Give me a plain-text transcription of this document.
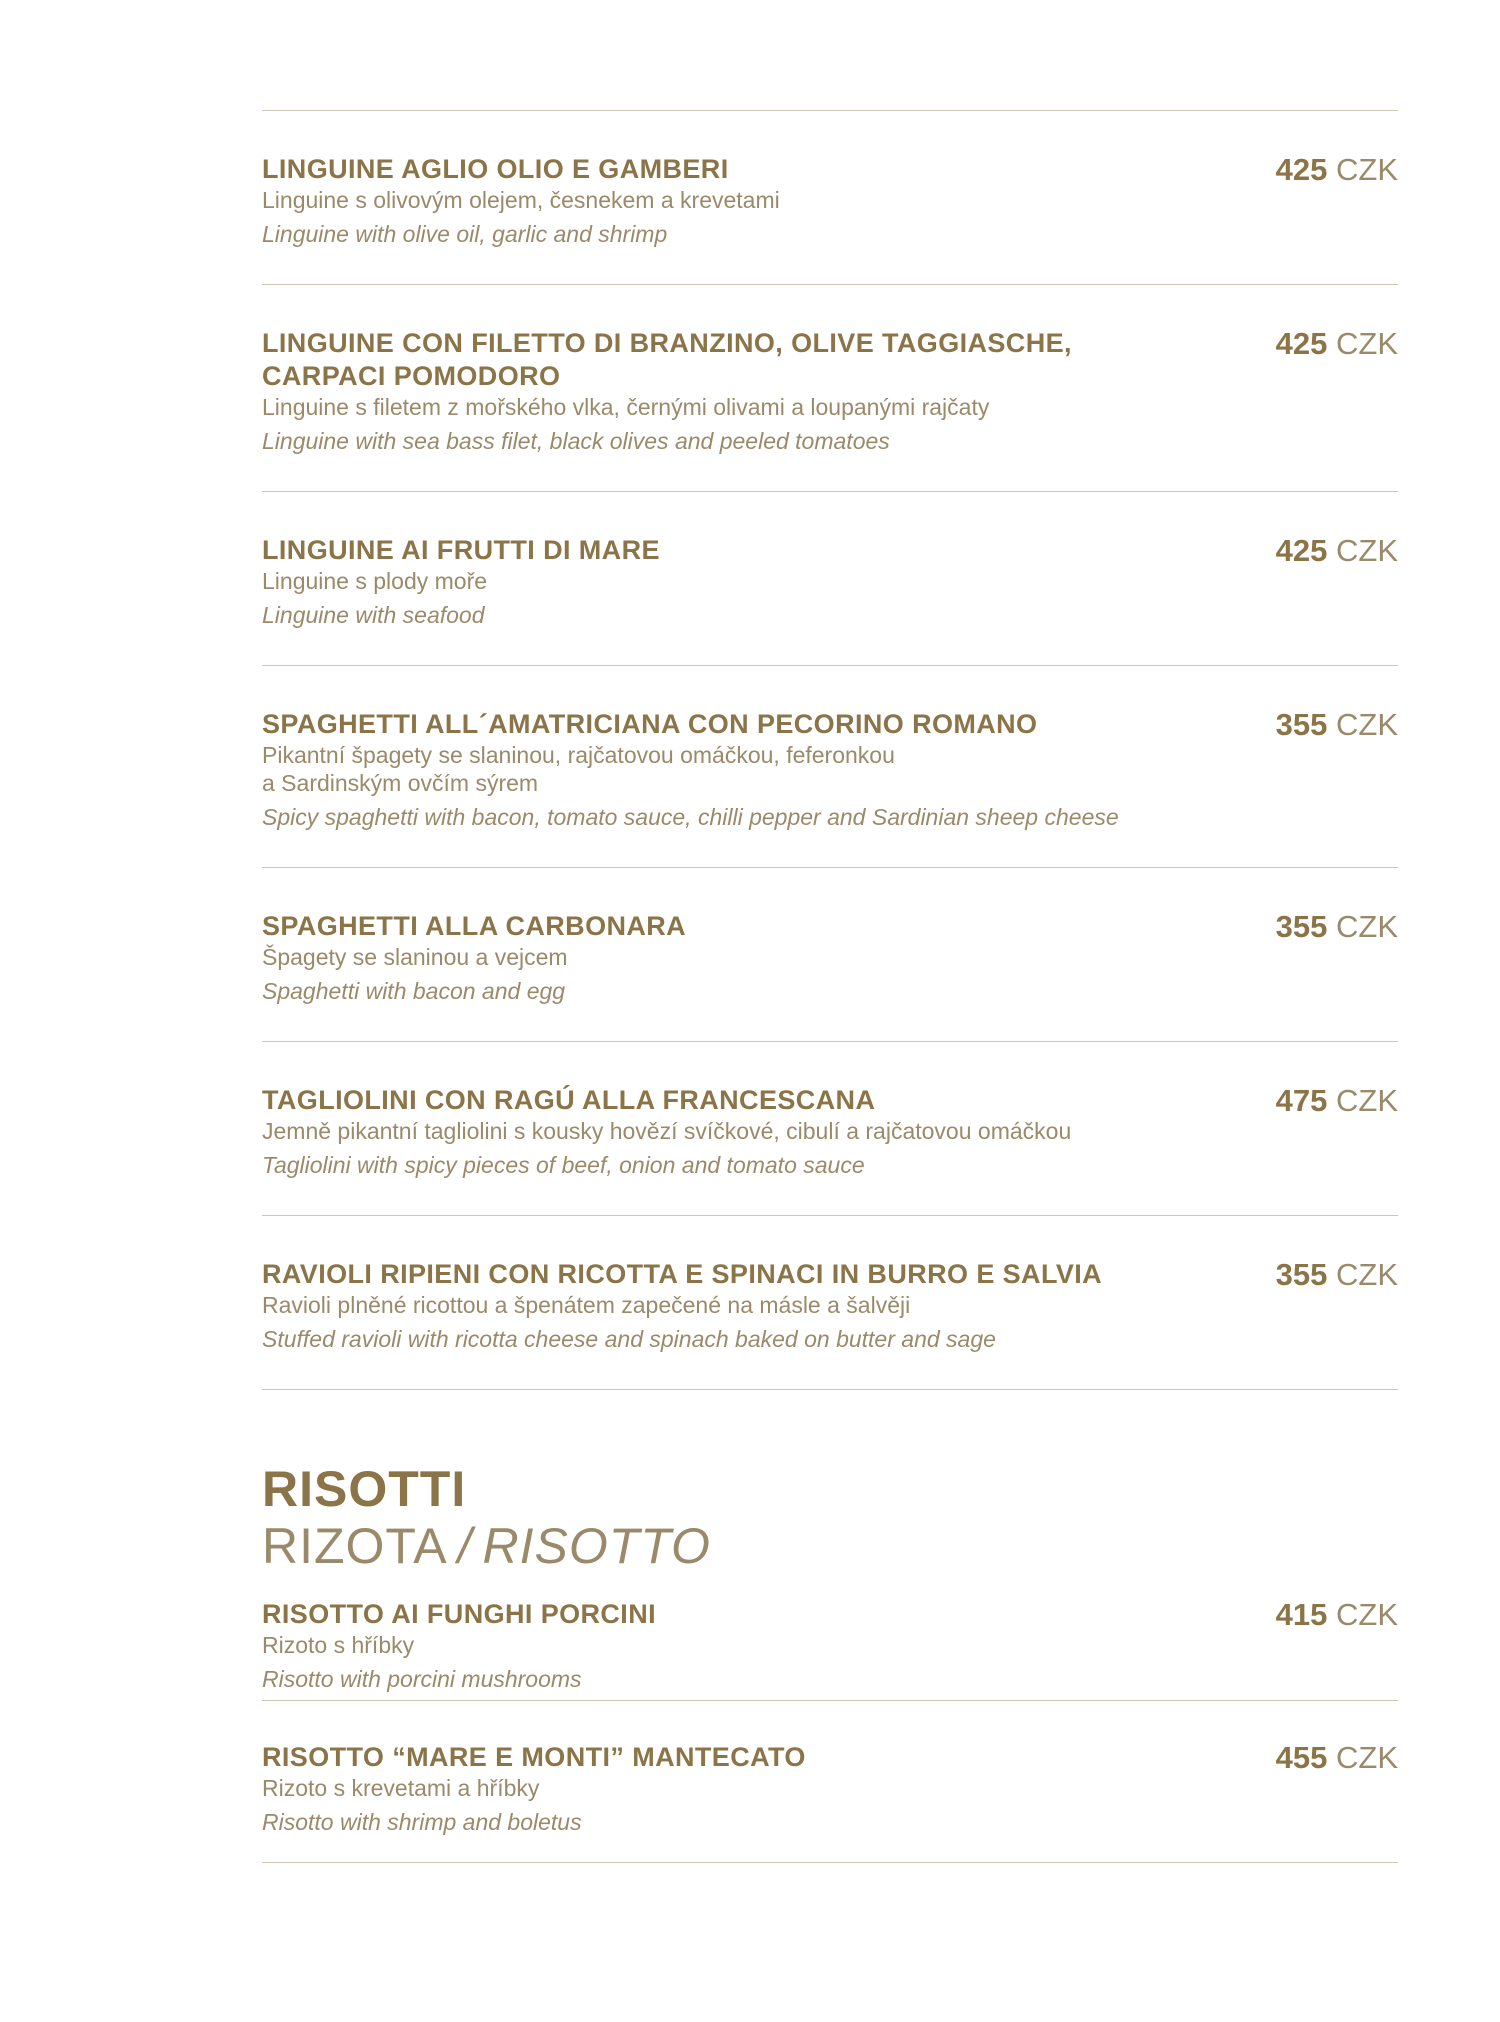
LINGUINE AGLIO OLIO E GAMBERI
Linguine s olivovým olejem, česnekem a krevetami
Linguine with olive oil, garlic and shrimp
425 CZK
LINGUINE CON FILETTO DI BRANZINO, OLIVE TAGGIASCHE,
CARPACI POMODORO
Linguine s filetem z mořského vlka, černými olivami a loupanými rajčaty
Linguine with sea bass filet, black olives and peeled tomatoes
425 CZK
LINGUINE AI FRUTTI DI MARE
Linguine s plody moře
Linguine with seafood
425 CZK
SPAGHETTI ALL´AMATRICIANA CON PECORINO ROMANO
Pikantní špagety se slaninou, rajčatovou omáčkou, feferonkou
a Sardinským ovčím sýrem
Spicy spaghetti with bacon, tomato sauce, chilli pepper and Sardinian sheep cheese
355 CZK
SPAGHETTI ALLA CARBONARA
Špagety se slaninou a vejcem
Spaghetti with bacon and egg
355 CZK
TAGLIOLINI CON RAGÚ ALLA FRANCESCANA
Jemně pikantní tagliolini s kousky hovězí svíčkové, cibulí a rajčatovou omáčkou
Tagliolini with spicy pieces of beef, onion and tomato sauce
475 CZK
RAVIOLI RIPIENI CON RICOTTA E SPINACI IN BURRO E SALVIA
Ravioli plněné ricottou a špenátem zapečené na másle a šalvěji
Stuffed ravioli with ricotta cheese and spinach baked on butter and sage
355 CZK
RISOTTI
RIZOTA / RISOTTO
RISOTTO AI FUNGHI PORCINI
Rizoto s hříbky
Risotto with porcini mushrooms
415 CZK
RISOTTO “MARE E MONTI” MANTECATO
Rizoto s krevetami a hříbky
Risotto with shrimp and boletus
455 CZK
